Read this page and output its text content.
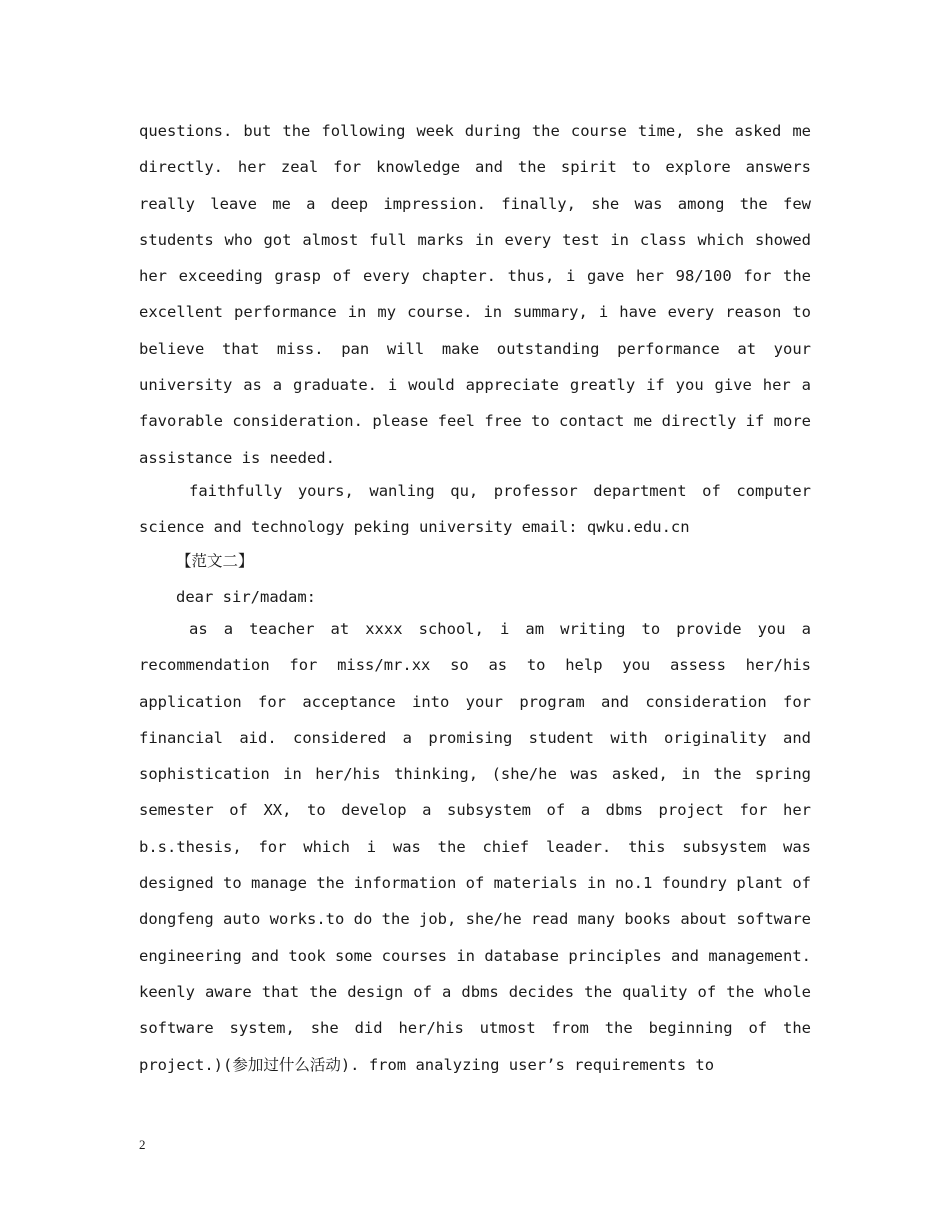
questions. but the following week during the course time, she asked me directly. her zeal for knowledge and the spirit to explore answers really leave me a deep impression. finally, she was among the few students who got almost full marks in every test in class which showed her exceeding grasp of every chapter. thus, i gave her 98/100 for the excellent performance in my course. in summary, i have every reason to believe that miss. pan will make outstanding performance at your university as a graduate. i would appreciate greatly if you give her a favorable consideration. please feel free to contact me directly if more assistance is needed.

faithfully yours, wanling qu, professor department of computer science and technology peking university email: qwku.edu.cn

【范文二】

dear sir/madam:

as a teacher at xxxx school, i am writing to provide you a recommendation for miss/mr.xx so as to help you assess her/his application for acceptance into your program and consideration for financial aid. considered a promising student with originality and sophistication in her/his thinking, (she/he was asked, in the spring semester of XX, to develop a subsystem of a dbms project for her b.s.thesis, for which i was the chief leader. this subsystem was designed to manage the information of materials in no.1 foundry plant of dongfeng auto works.to do the job, she/he read many books about software engineering and took some courses in database principles and management. keenly aware that the design of a dbms decides the quality of the whole software system, she did her/his utmost from the beginning of the project.)(参加过什么活动). from analyzing user’s requirements to

2
